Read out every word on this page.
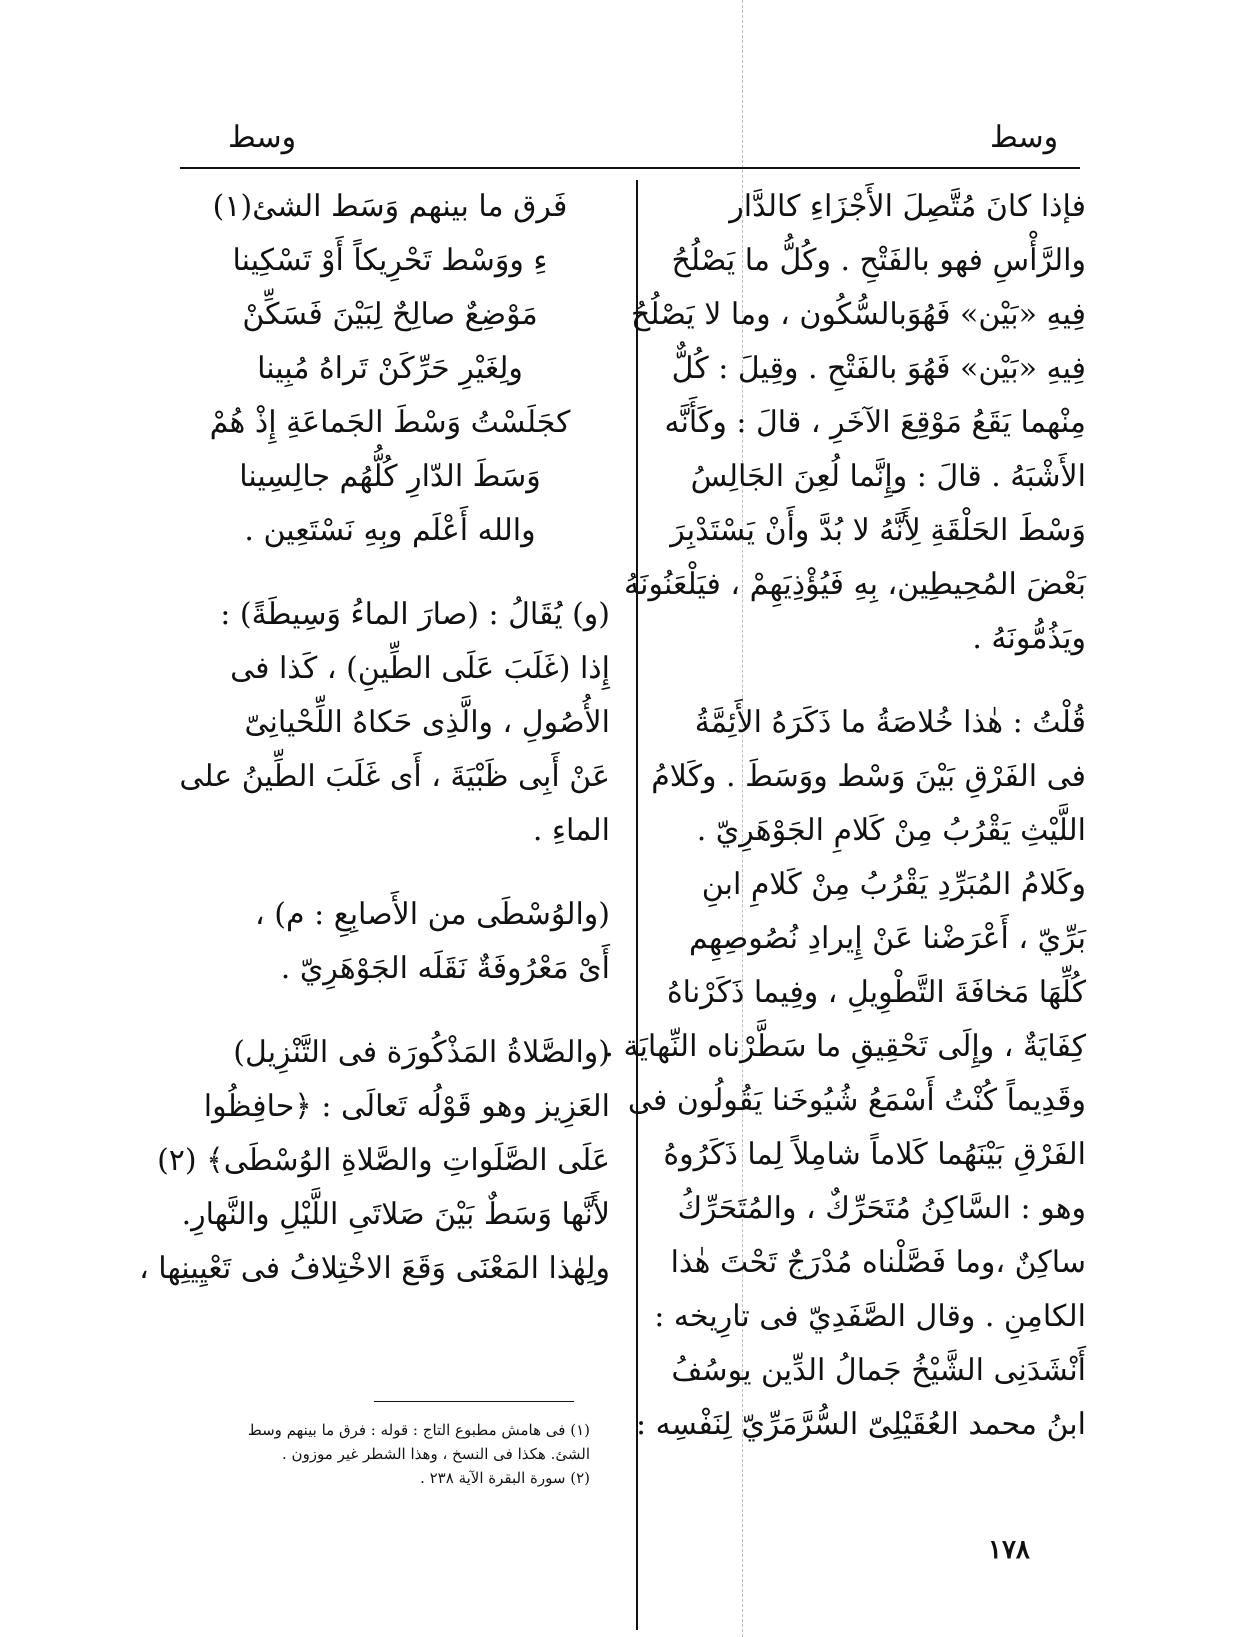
وسط	وسط
فإذا كانَ مُتَّصِلَ الأَجْزَاءِ كالدَّار
والرَّأْسِ فهو بالفَتْحِ . وكُلُّ ما يَصْلُحُ
فِيهِ «بَيْن» فَهُوَبالسُّكُون ، وما لا يَصْلُحُ
فِيهِ «بَيْن» فَهُوَ بالفَتْحِ . وقِيلَ : كُلٌّ
مِنْهما يَقَعُ مَوْقِعَ الآخَرِ ، قالَ : وكَأَنَّه
الأَشْبَهُ . قالَ : وإِنَّما لُعِنَ الجَالِسُ
وَسْطَ الحَلْقَةِ لِأَنَّهُ لا بُدَّ وأَنْ يَسْتَدْبِرَ
بَعْضَ المُحِيطِين، بِهِ فَيُؤْذِيَهِمْ ، فيَلْعَنُونَهُ
ويَذُمُّونَهُ .
قُلْتُ : هٰذا خُلاصَةُ ما ذَكَرَهُ الأَئِمَّةُ
فى الفَرْقِ بَيْنَ وَسْط ووَسَطَ . وكَلامُ
اللَّيْثِ يَقْرُبُ مِنْ كَلامِ الجَوْهَرِيّ .
وكَلامُ المُبَرِّدِ يَقْرُبُ مِنْ كَلامِ ابنِ
بَرِّيّ ، أَعْرَضْنا عَنْ إِيرادِ نُصُوصِهِم
كُلِّهَا مَخافَةَ التَّطْوِيلِ ، وفِيما ذَكَرْناهُ
كِفَايَةٌ ، وإِلَى تَحْقِيقِ ما سَطَّرْناه النِّهايَة .
وقَدِيماً كُنْتُ أَسْمَعُ شُيُوخَنا يَقُولُون فى
الفَرْقِ بَيْنَهُما كَلاماً شامِلاً لِما ذَكَرُوهُ
وهو : السَّاكِنُ مُتَحَرِّكٌ ، والمُتَحَرِّكُ
ساكِنٌ ،وما فَصَّلْناه مُدْرَجٌ تَحْتَ هٰذا
الكامِنِ . وقال الصَّفَدِيّ فى تارِيخه :
أَنْشَدَنِى الشَّيْخُ جَمالُ الدِّين يوسُفُ
ابنُ محمد العُقَيْلِىّ السُّرَّمَرِّيّ لِنَفْسِه :
فَرق ما بينهم وَسَط الشئ(١)
ءِ ووَسْط تَحْرِيكاً أَوْ تَسْكِينا
مَوْضِعٌ صالِحٌ لِبَيْنَ فَسَكِّنْ
ولِغَيْرِ حَرِّكَنْ تَراهُ مُبِينا
كجَلَسْتُ وَسْطَ الجَماعَةِ إِذْ هُمْ
وَسَطَ الدّارِ كُلُّهُم جالِسِينا
والله أَعْلَم وبِهِ نَسْتَعِين .
(و) يُقَالُ : (صارَ الماءُ وَسِيطَةً) :
إِذا (غَلَبَ عَلَى الطِّينِ) ، كَذا فى
الأُصُولِ ، والَّذِى حَكاهُ اللِّحْيانِىّ
عَنْ أَبِى ظَبْيَةَ ، أَى غَلَبَ الطِّينُ على
الماءِ .
(والوُسْطَى من الأَصابِعِ : م) ،
أَىْ مَعْرُوفَةٌ نَقَلَه الجَوْهَرِيّ .
(والصَّلاةُ المَذْكُورَة فى التَّنْزِيل)
العَزِيز وهو قَوْلُه تَعالَى : ﴿حافِظُوا
عَلَى الصَّلَواتِ والصَّلاةِ الوُسْطَى﴾ (٢)
لأَنَّها وَسَطٌ بَيْنَ صَلاتَىِ اللَّيْلِ والنَّهارِ.
ولِهٰذا المَعْنَى وَقَعَ الاخْتِلافُ فى تَعْيِينِها ،
(١) فى هامش مطبوع التاج : قوله : فرق ما بينهم وسط
الشئ. هكذا فى النسخ ، وهذا الشطر غير موزون .
(٢) سورة البقرة الآية ٢٣٨ .
١٧٨
